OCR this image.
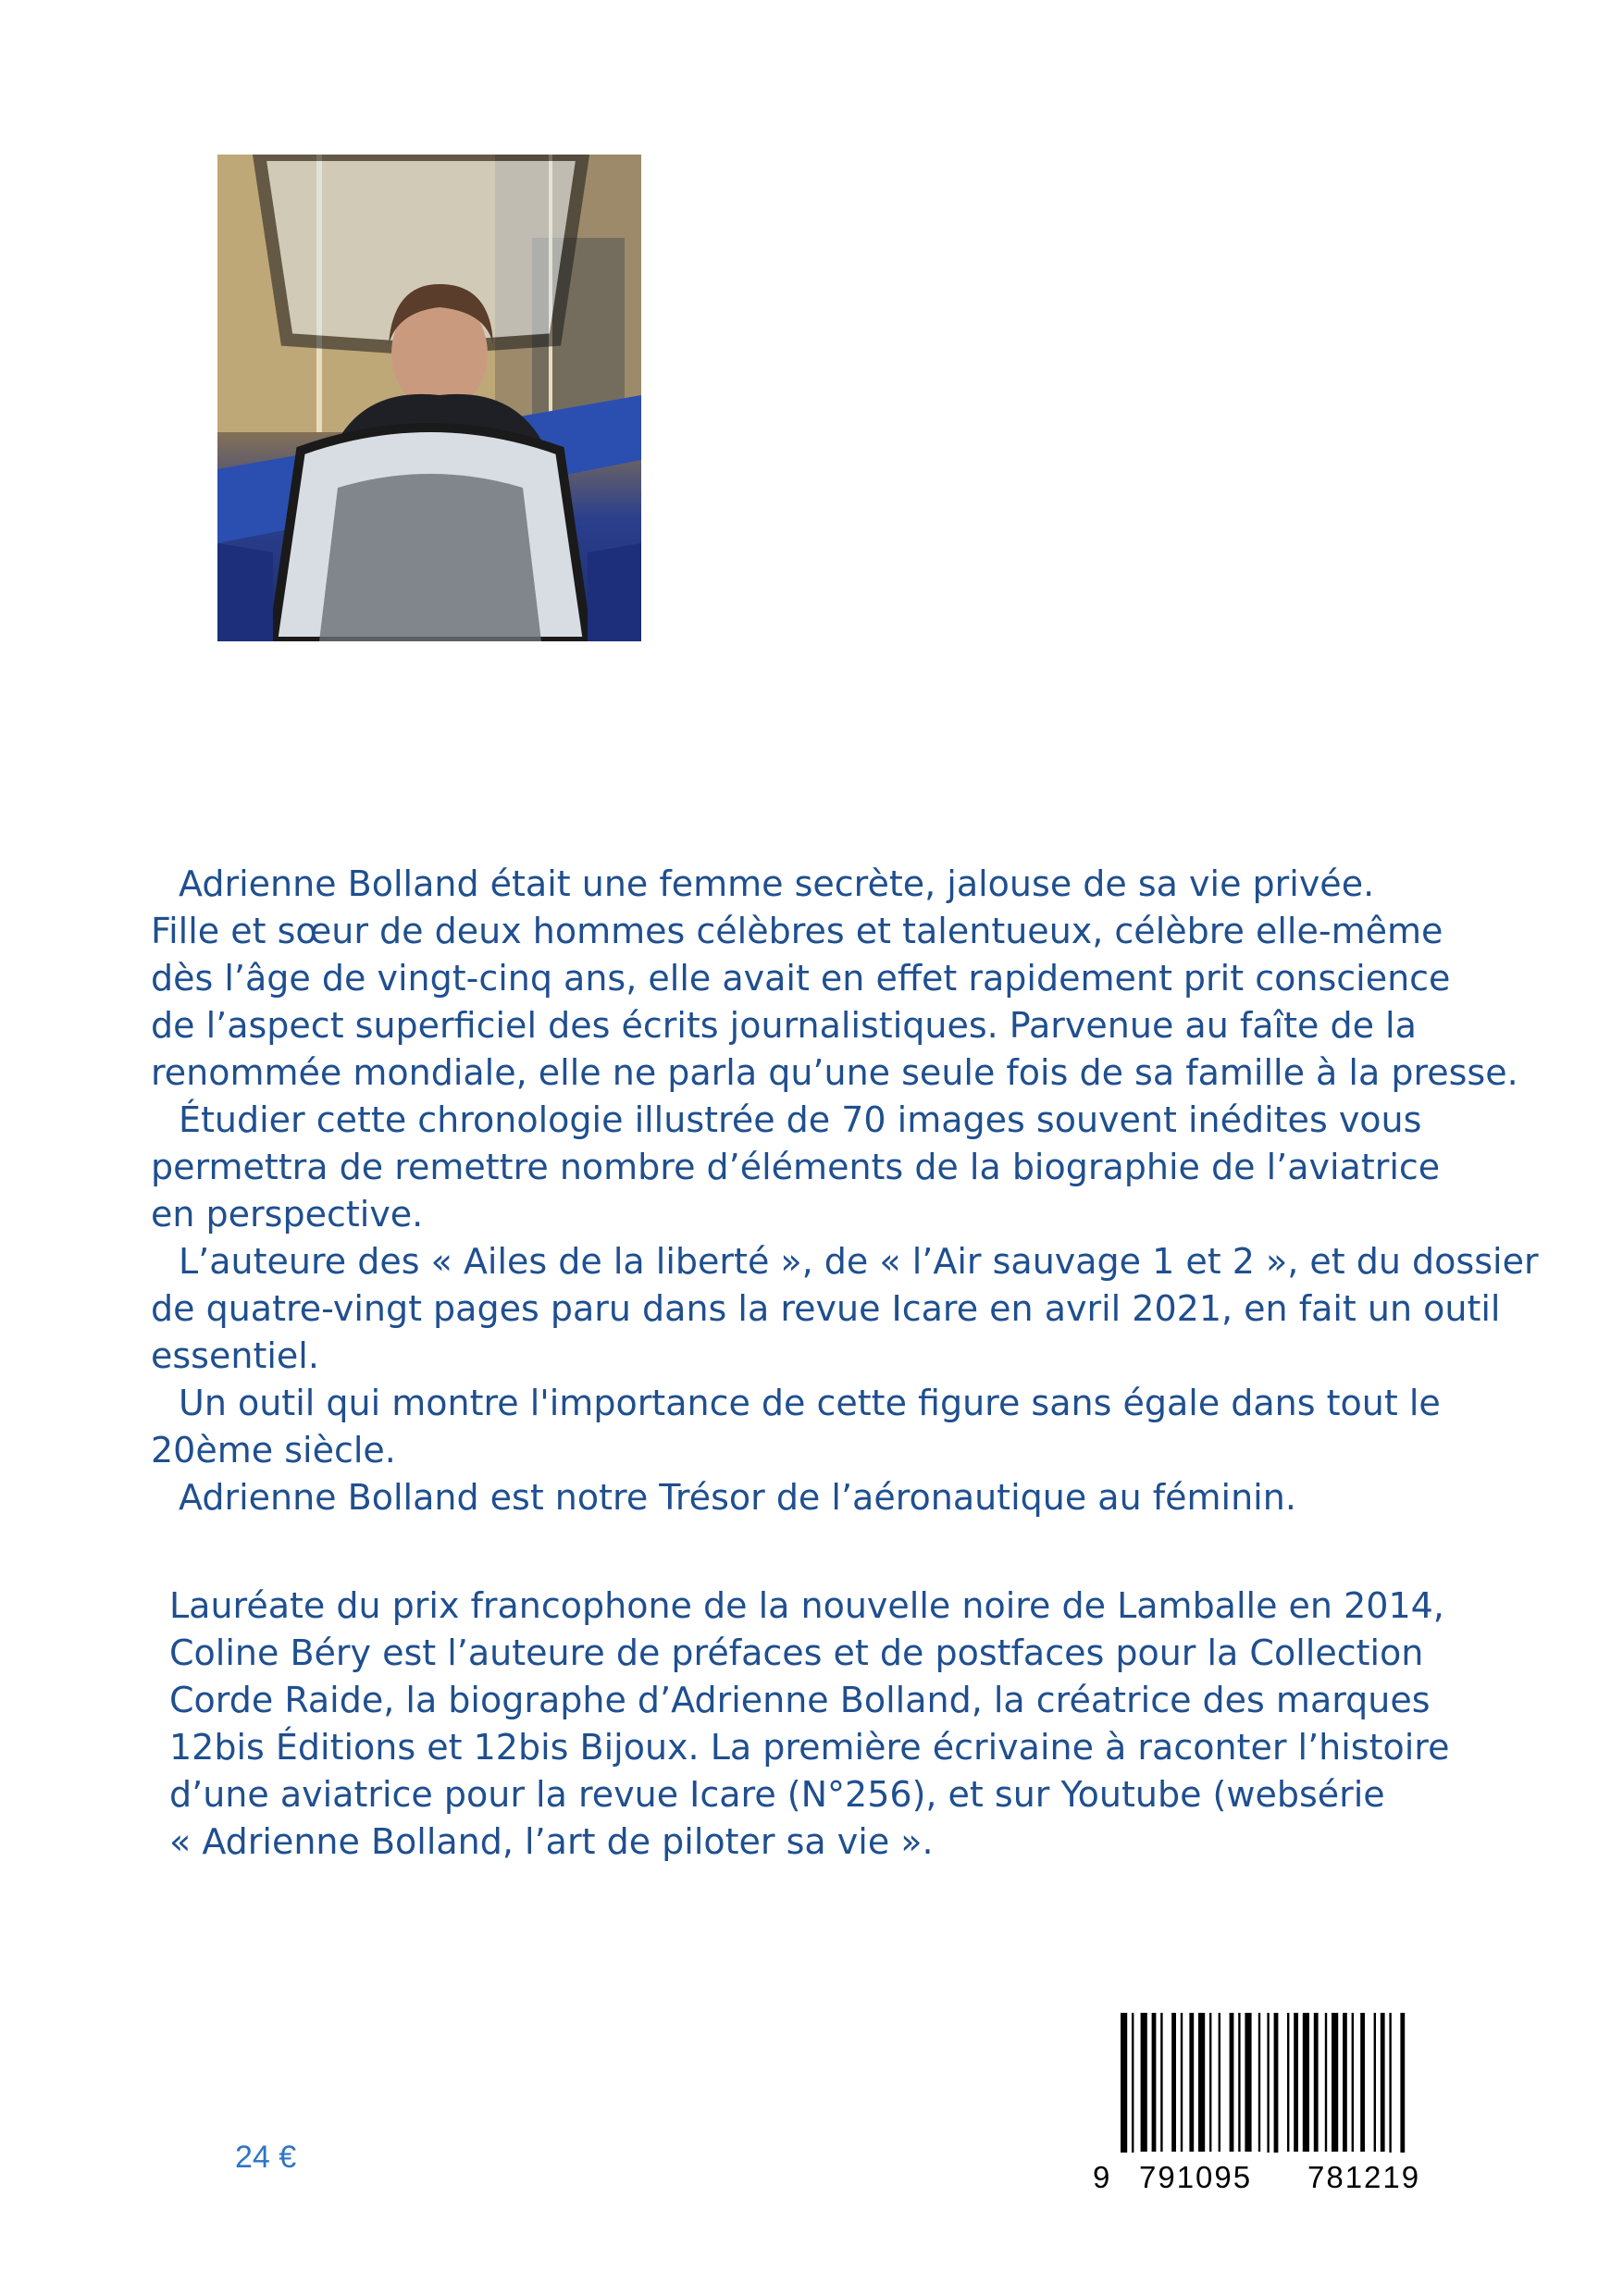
Adrienne Bolland était une femme secrète, jalouse de sa vie privée.

Fille et sœur de deux hommes célèbres et talentueux, célèbre elle-même

dès l’âge de vingt-cinq ans, elle avait en effet rapidement prit conscience

de l’aspect superficiel des écrits journalistiques. Parvenue au faîte de la

renommée mondiale, elle ne parla qu’une seule fois de sa famille à la presse.

Étudier cette chronologie illustrée de 70 images souvent inédites vous

permettra de remettre nombre d’éléments de la biographie de l’aviatrice

en perspective.

L’auteure des « Ailes de la liberté », de « l’Air sauvage 1 et 2 », et du dossier

de quatre-vingt pages paru dans la revue Icare en avril 2021, en fait un outil

essentiel.

Un outil qui montre l'importance de cette figure sans égale dans tout le

20ème siècle.

Adrienne Bolland est notre Trésor de l’aéronautique au féminin.

Lauréate du prix francophone de la nouvelle noire de Lamballe en 2014,

Coline Béry est l’auteure de préfaces et de postfaces pour la Collection

Corde Raide, la biographe d’Adrienne Bolland, la créatrice des marques

12bis Éditions et 12bis Bijoux. La première écrivaine à raconter l’histoire

d’une aviatrice pour la revue Icare (N°256), et sur Youtube (websérie

« Adrienne Bolland, l’art de piloter sa vie ».

24 €
9 791095 781219
